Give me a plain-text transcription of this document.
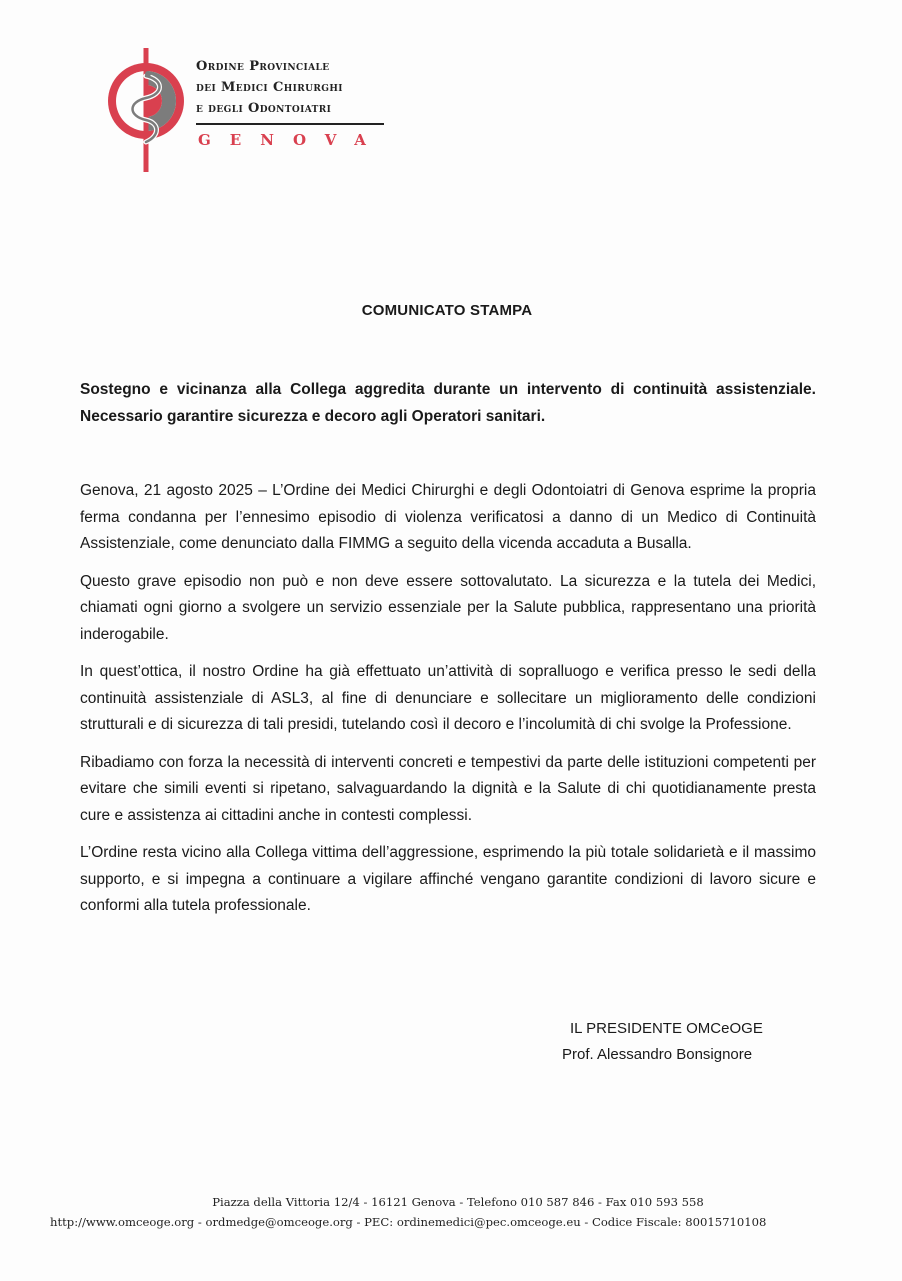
Ordine Provinciale
dei Medici Chirurghi
e degli Odontoiatri
GENOVA
COMUNICATO STAMPA
Sostegno e vicinanza alla Collega aggredita durante un intervento di continuità assistenziale. Necessario garantire sicurezza e decoro agli Operatori sanitari.

Genova, 21 agosto 2025 – L’Ordine dei Medici Chirurghi e degli Odontoiatri di Genova esprime la propria ferma condanna per l’ennesimo episodio di violenza verificatosi a danno di un Medico di Continuità Assistenziale, come denunciato dalla FIMMG a seguito della vicenda accaduta a Busalla.

Questo grave episodio non può e non deve essere sottovalutato. La sicurezza e la tutela dei Medici, chiamati ogni giorno a svolgere un servizio essenziale per la Salute pubblica, rappresentano una priorità inderogabile.

In quest’ottica, il nostro Ordine ha già effettuato un’attività di sopralluogo e verifica presso le sedi della continuità assistenziale di ASL3, al fine di denunciare e sollecitare un miglioramento delle condizioni strutturali e di sicurezza di tali presidi, tutelando così il decoro e l’incolumità di chi svolge la Professione.

Ribadiamo con forza la necessità di interventi concreti e tempestivi da parte delle istituzioni competenti per evitare che simili eventi si ripetano, salvaguardando la dignità e la Salute di chi quotidianamente presta cure e assistenza ai cittadini anche in contesti complessi.

L’Ordine resta vicino alla Collega vittima dell’aggressione, esprimendo la più totale solidarietà e il massimo supporto, e si impegna a continuare a vigilare affinché vengano garantite condizioni di lavoro sicure e conformi alla tutela professionale.

IL PRESIDENTE OMCeOGE
Prof. Alessandro Bonsignore
Piazza della Vittoria 12/4 - 16121 Genova - Telefono 010 587 846 - Fax 010 593 558
http://www.omceoge.org - ordmedge@omceoge.org - PEC: ordinemedici@pec.omceoge.eu - Codice Fiscale: 80015710108
